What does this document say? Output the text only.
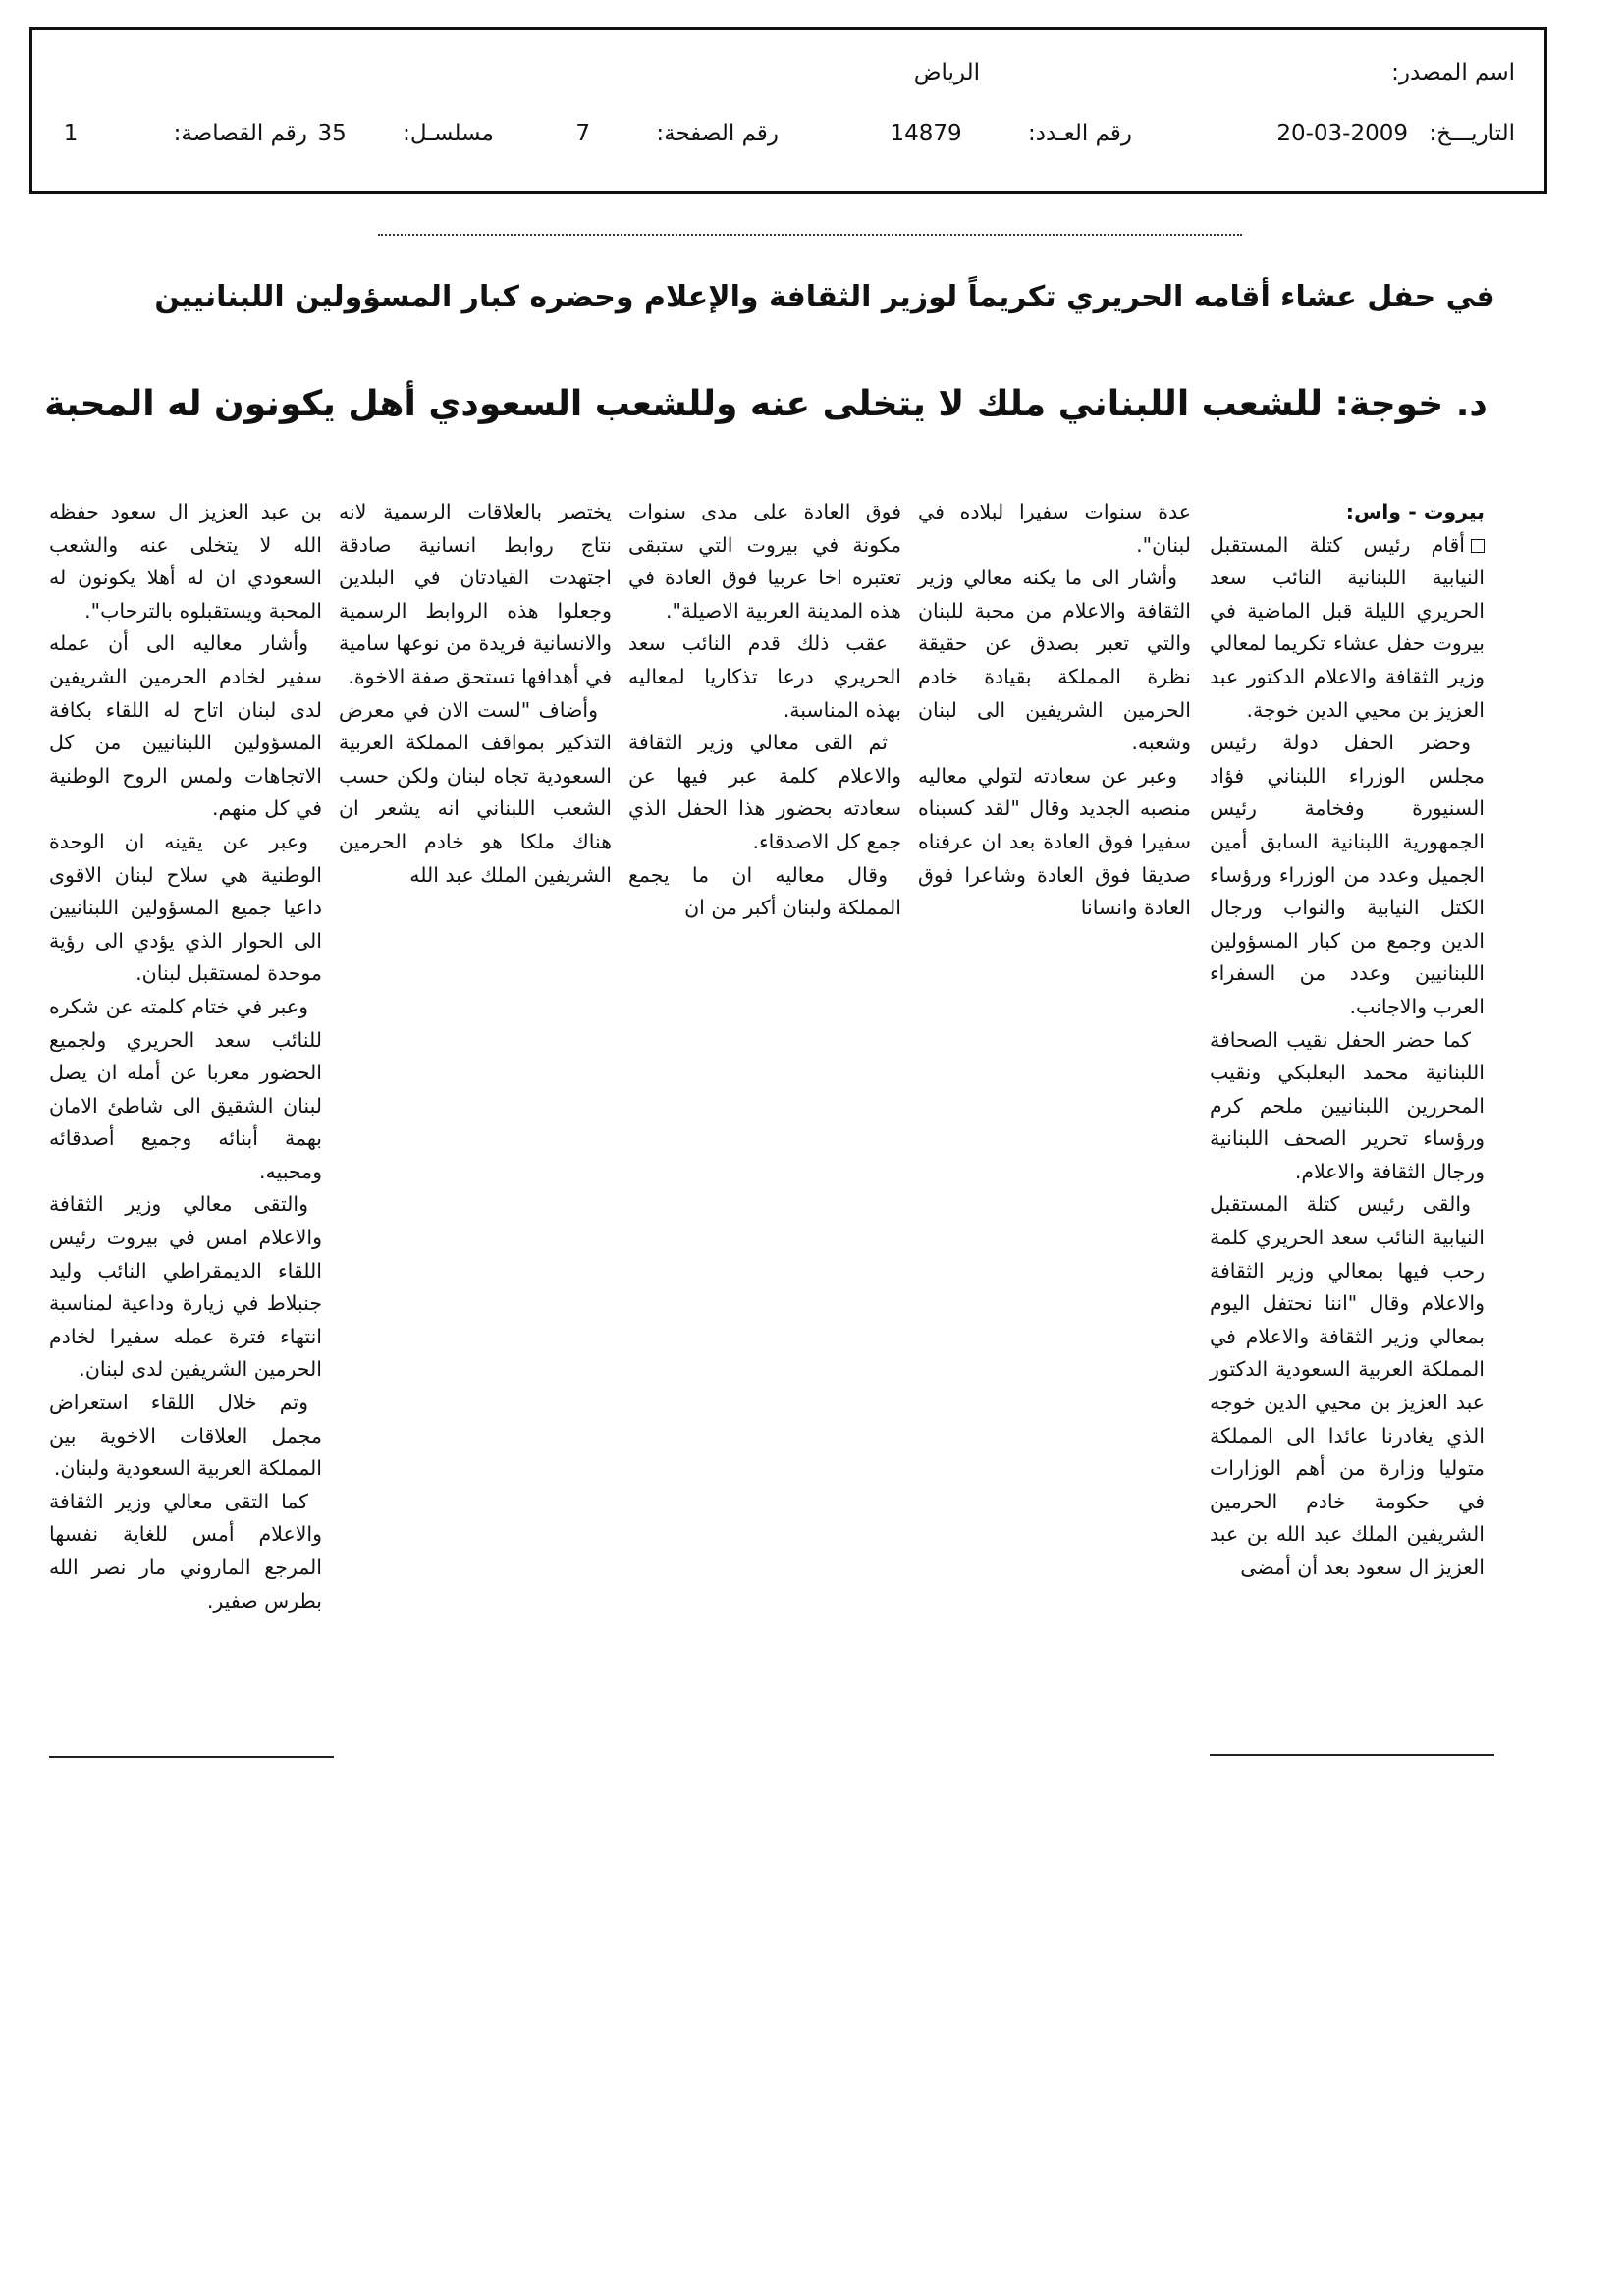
اسم المصدر:
الرياض
التاريـــخ: 20-03-2009
رقم العـدد: 14879
رقم الصفحة: 7
مسلسـل: 35
رقم القصاصة: 1
في حفل عشاء أقامه الحريري تكريماً لوزير الثقافة والإعلام وحضره كبار المسؤولين اللبنانيين
د. خوجة: للشعب اللبناني ملك لا يتخلى عنه وللشعب السعودي أهل يكونون له المحبة

بيروت - واس:

أقام رئيس كتلة المستقبل النيابية اللبنانية النائب سعد الحريري الليلة قبل الماضية في بيروت حفل عشاء تكريما لمعالي وزير الثقافة والاعلام الدكتور عبد العزيز بن محيي الدين خوجة.

وحضر الحفل دولة رئيس مجلس الوزراء اللبناني فؤاد السنيورة وفخامة رئيس الجمهورية اللبنانية السابق أمين الجميل وعدد من الوزراء ورؤساء الكتل النيابية والنواب ورجال الدين وجمع من كبار المسؤولين اللبنانيين وعدد من السفراء العرب والاجانب.

كما حضر الحفل نقيب الصحافة اللبنانية محمد البعلبكي ونقيب المحررين اللبنانيين ملحم كرم ورؤساء تحرير الصحف اللبنانية ورجال الثقافة والاعلام.

والقى رئيس كتلة المستقبل النيابية النائب سعد الحريري كلمة رحب فيها بمعالي وزير الثقافة والاعلام وقال "اننا نحتفل اليوم بمعالي وزير الثقافة والاعلام في المملكة العربية السعودية الدكتور عبد العزيز بن محيي الدين خوجه الذي يغادرنا عائدا الى المملكة متوليا وزارة من أهم الوزارات في حكومة خادم الحرمين الشريفين الملك عبد الله بن عبد العزيز ال سعود بعد أن أمضى

عدة سنوات سفيرا لبلاده في لبنان".

وأشار الى ما يكنه معالي وزير الثقافة والاعلام من محبة للبنان والتي تعبر بصدق عن حقيقة نظرة المملكة بقيادة خادم الحرمين الشريفين الى لبنان وشعبه.

وعبر عن سعادته لتولي معاليه منصبه الجديد وقال "لقد كسبناه سفيرا فوق العادة بعد ان عرفناه صديقا فوق العادة وشاعرا فوق العادة وانسانا

فوق العادة على مدى سنوات مكونة في بيروت التي ستبقى تعتبره اخا عربيا فوق العادة في هذه المدينة العربية الاصيلة".

عقب ذلك قدم النائب سعد الحريري درعا تذكاريا لمعاليه بهذه المناسبة.

ثم القى معالي وزير الثقافة والاعلام كلمة عبر فيها عن سعادته بحضور هذا الحفل الذي جمع كل الاصدقاء.

وقال معاليه ان ما يجمع المملكة ولبنان أكبر من ان

يختصر بالعلاقات الرسمية لانه نتاج روابط انسانية صادقة اجتهدت القيادتان في البلدين وجعلوا هذه الروابط الرسمية والانسانية فريدة من نوعها سامية في أهدافها تستحق صفة الاخوة.

وأضاف "لست الان في معرض التذكير بمواقف المملكة العربية السعودية تجاه لبنان ولكن حسب الشعب اللبناني انه يشعر ان هناك ملكا هو خادم الحرمين الشريفين الملك عبد الله

بن عبد العزيز ال سعود حفظه الله لا يتخلى عنه والشعب السعودي ان له أهلا يكونون له المحبة ويستقبلوه بالترحاب".

وأشار معاليه الى أن عمله سفير لخادم الحرمين الشريفين لدى لبنان اتاح له اللقاء بكافة المسؤولين اللبنانيين من كل الاتجاهات ولمس الروح الوطنية في كل منهم.

وعبر عن يقينه ان الوحدة الوطنية هي سلاح لبنان الاقوى داعيا جميع المسؤولين اللبنانيين الى الحوار الذي يؤدي الى رؤية موحدة لمستقبل لبنان.

وعبر في ختام كلمته عن شكره للنائب سعد الحريري ولجميع الحضور معربا عن أمله ان يصل لبنان الشقيق الى شاطئ الامان بهمة أبنائه وجميع أصدقائه ومحبيه.

والتقى معالي وزير الثقافة والاعلام امس في بيروت رئيس اللقاء الديمقراطي النائب وليد جنبلاط في زيارة وداعية لمناسبة انتهاء فترة عمله سفيرا لخادم الحرمين الشريفين لدى لبنان.

وتم خلال اللقاء استعراض مجمل العلاقات الاخوية بين المملكة العربية السعودية ولبنان.

كما التقى معالي وزير الثقافة والاعلام أمس للغاية نفسها المرجع الماروني مار نصر الله بطرس صفير.
